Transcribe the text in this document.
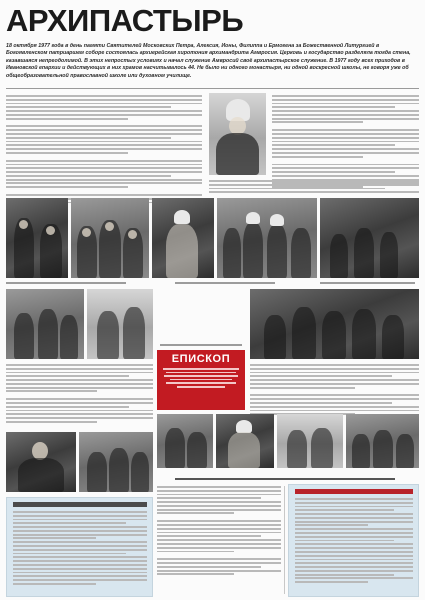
АРХИПАСТЫРЬ
18 октября 1977 года в день памяти Святителей Московских Петра, Алексия, Ионы, Филиппа и Ермогена за Божественной Литургией в Богоявленском патриаршем соборе состоялась архиерейская хиротония архимандрита Амвросия. Церковь и государство разделяла тогда стена, казавшаяся непреодолимой. В этих непростых условиях и начал служение Амвросий своё архипастырское служение. В 1977 году всех приходов в Ивановской епархии и действующих в них храмов насчитывалось 44. Не было ни одного монастыря, ни одной воскресной школы, не говоря уже об общеобразовательной православной школе или духовном училище.
ЕПИСКОП
